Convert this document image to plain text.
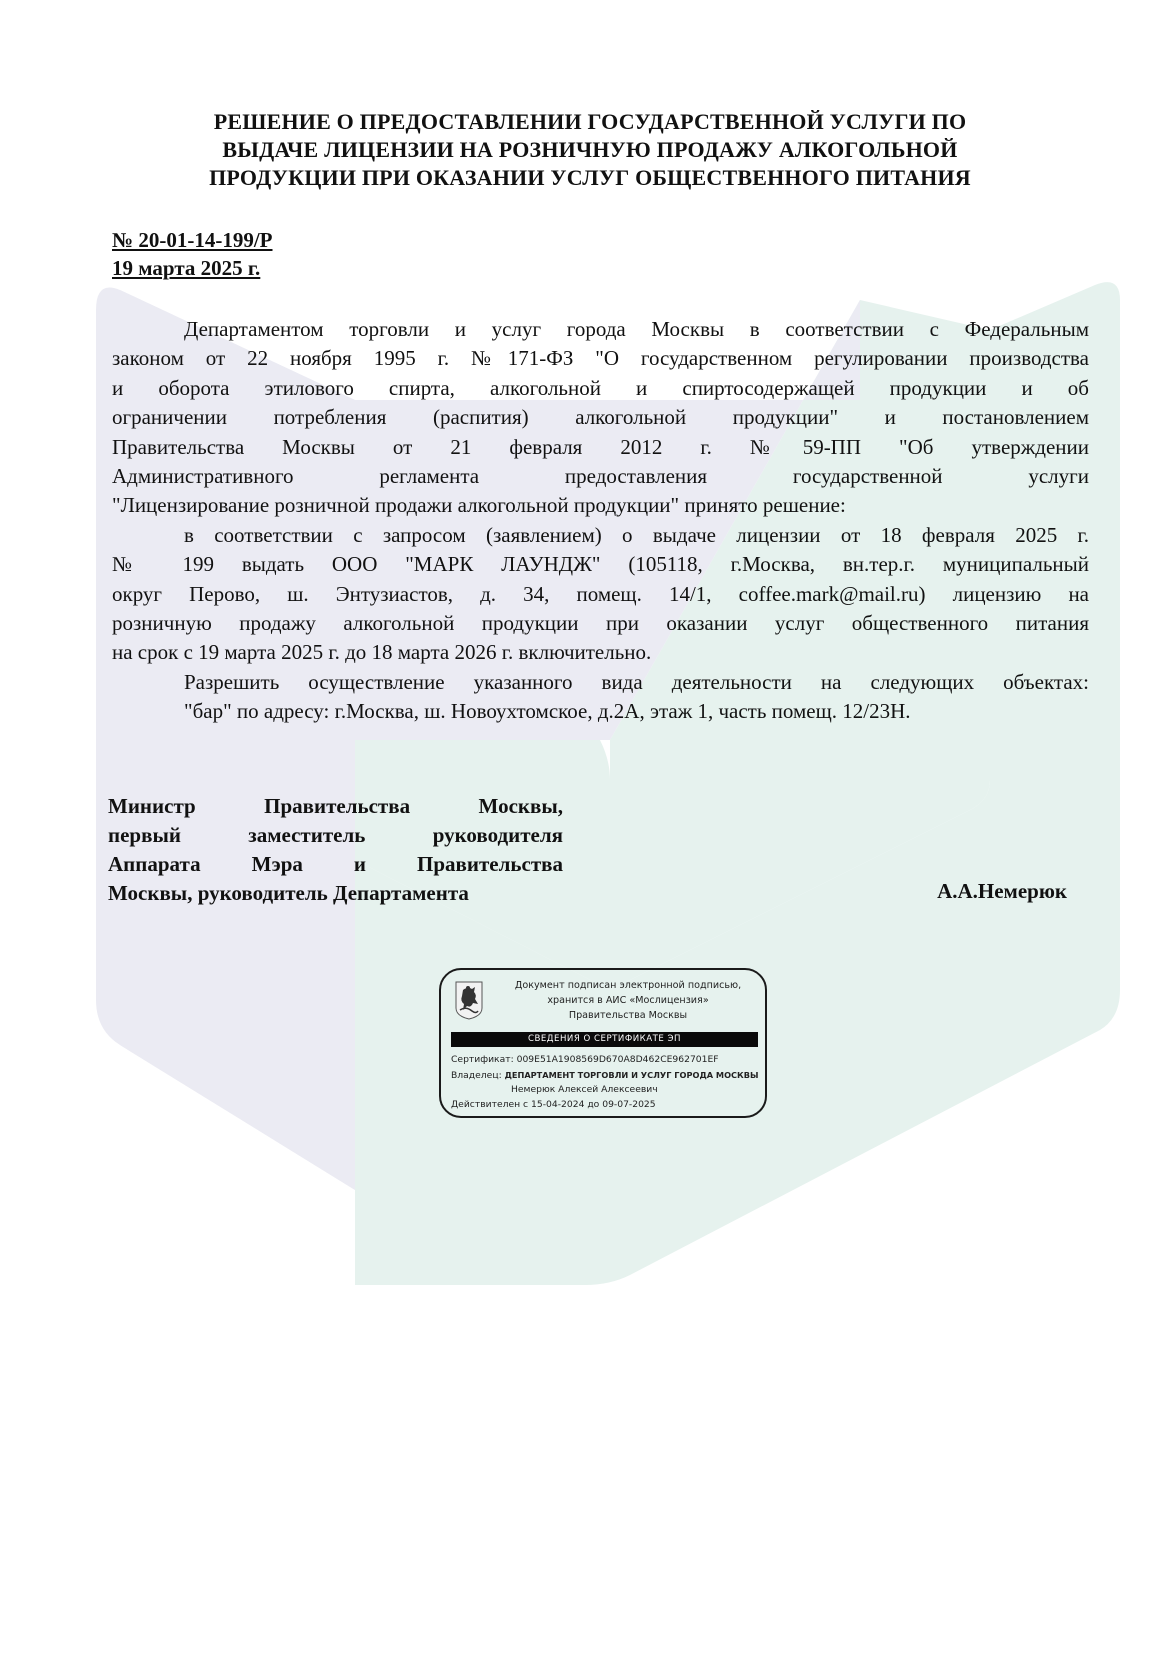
РЕШЕНИЕ О ПРЕДОСТАВЛЕНИИ ГОСУДАРСТВЕННОЙ УСЛУГИ ПО
ВЫДАЧЕ ЛИЦЕНЗИИ НА РОЗНИЧНУЮ ПРОДАЖУ АЛКОГОЛЬНОЙ
ПРОДУКЦИИ ПРИ ОКАЗАНИИ УСЛУГ ОБЩЕСТВЕННОГО ПИТАНИЯ
№ 20-01-14-199/Р
19 марта 2025 г.
Департаментом торговли и услуг города Москвы в соответствии с Федеральным
законом от 22 ноября 1995 г. №171-ФЗ "О государственном регулировании производства
и оборота этилового спирта, алкогольной и спиртосодержащей продукции и об
ограничении потребления (распития) алкогольной продукции" и постановлением
Правительства Москвы от 21 февраля 2012 г. №59-ПП "Об утверждении
Административного регламента предоставления государственной услуги
"Лицензирование розничной продажи алкогольной продукции" принято решение:
в соответствии с запросом (заявлением) о выдаче лицензии от 18 февраля 2025 г.
№ 199 выдать ООО "МАРК ЛАУНДЖ" (105118, г.Москва, вн.тер.г. муниципальный
округ Перово, ш. Энтузиастов, д. 34, помещ. 14/1, coffee.mark@mail.ru) лицензию на
розничную продажу алкогольной продукции при оказании услуг общественного питания
на срок с 19 марта 2025 г. до 18 марта 2026 г. включительно.
Разрешить осуществление указанного вида деятельности на следующих объектах:
"бар" по адресу: г.Москва, ш. Новоухтомское, д.2А, этаж 1, часть помещ. 12/23Н.
Министр Правительства Москвы,
первый заместитель руководителя
Аппарата Мэра и Правительства
Москвы, руководитель Департамента	А.А.Немерюк
Документ подписан электронной подписью,
хранится в АИС «Мослицензия»
Правительства Москвы
СВЕДЕНИЯ О СЕРТИФИКАТЕ ЭП
Сертификат: 009E51A1908569D670A8D462CE962701EF
Владелец: ДЕПАРТАМЕНТ ТОРГОВЛИ И УСЛУГ ГОРОДА МОСКВЫ
Немерюк Алексей Алексеевич
Действителен с 15-04-2024 до 09-07-2025
